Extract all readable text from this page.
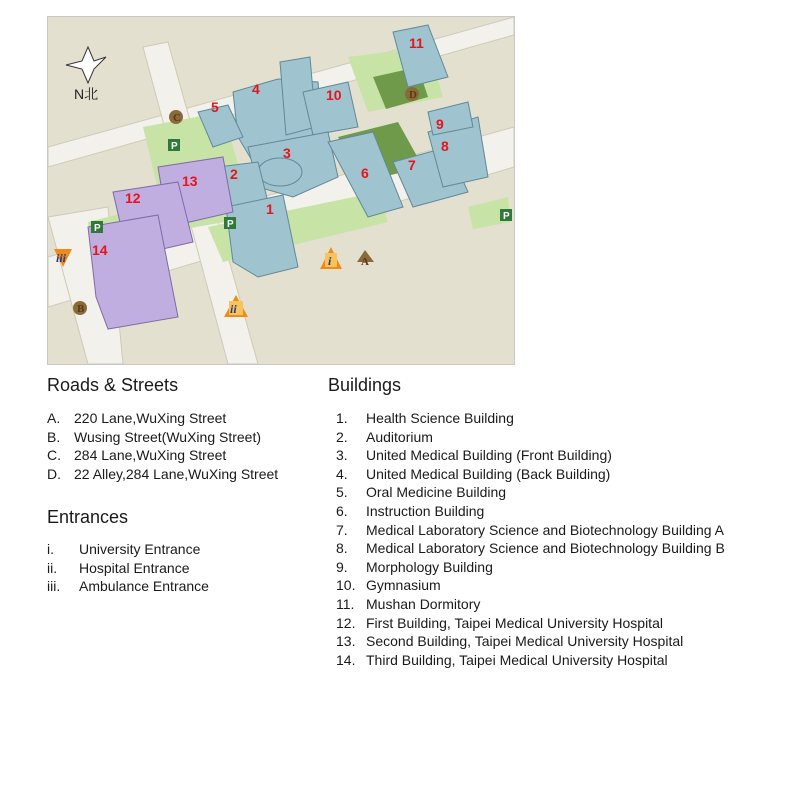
N北
1
2
3
4
5
6	7
8
9
10
11
12
13
14
A
B
C
D
i
ii
iii
P
P
P
P
Roads & Streets
A. 220 Lane,WuXing Street
B. Wusing Street(WuXing Street)
C. 284 Lane,WuXing Street
D. 22 Alley,284 Lane,WuXing Street
Entrances
i.	University Entrance
ii.	Hospital Entrance
iii.	Ambulance Entrance
Buildings
1.	Health Science Building
2.	Auditorium
3.	United Medical Building (Front Building)
4.	United Medical Building (Back Building)
5.	Oral Medicine Building
6.	Instruction Building
7.	Medical Laboratory Science and Biotechnology Building A
8.	Medical Laboratory Science and Biotechnology Building B
9.	Morphology Building
10. Gymnasium
11. Mushan Dormitory
12. First Building, Taipei Medical University Hospital
13. Second Building, Taipei Medical University Hospital
14. Third Building, Taipei Medical University Hospital
